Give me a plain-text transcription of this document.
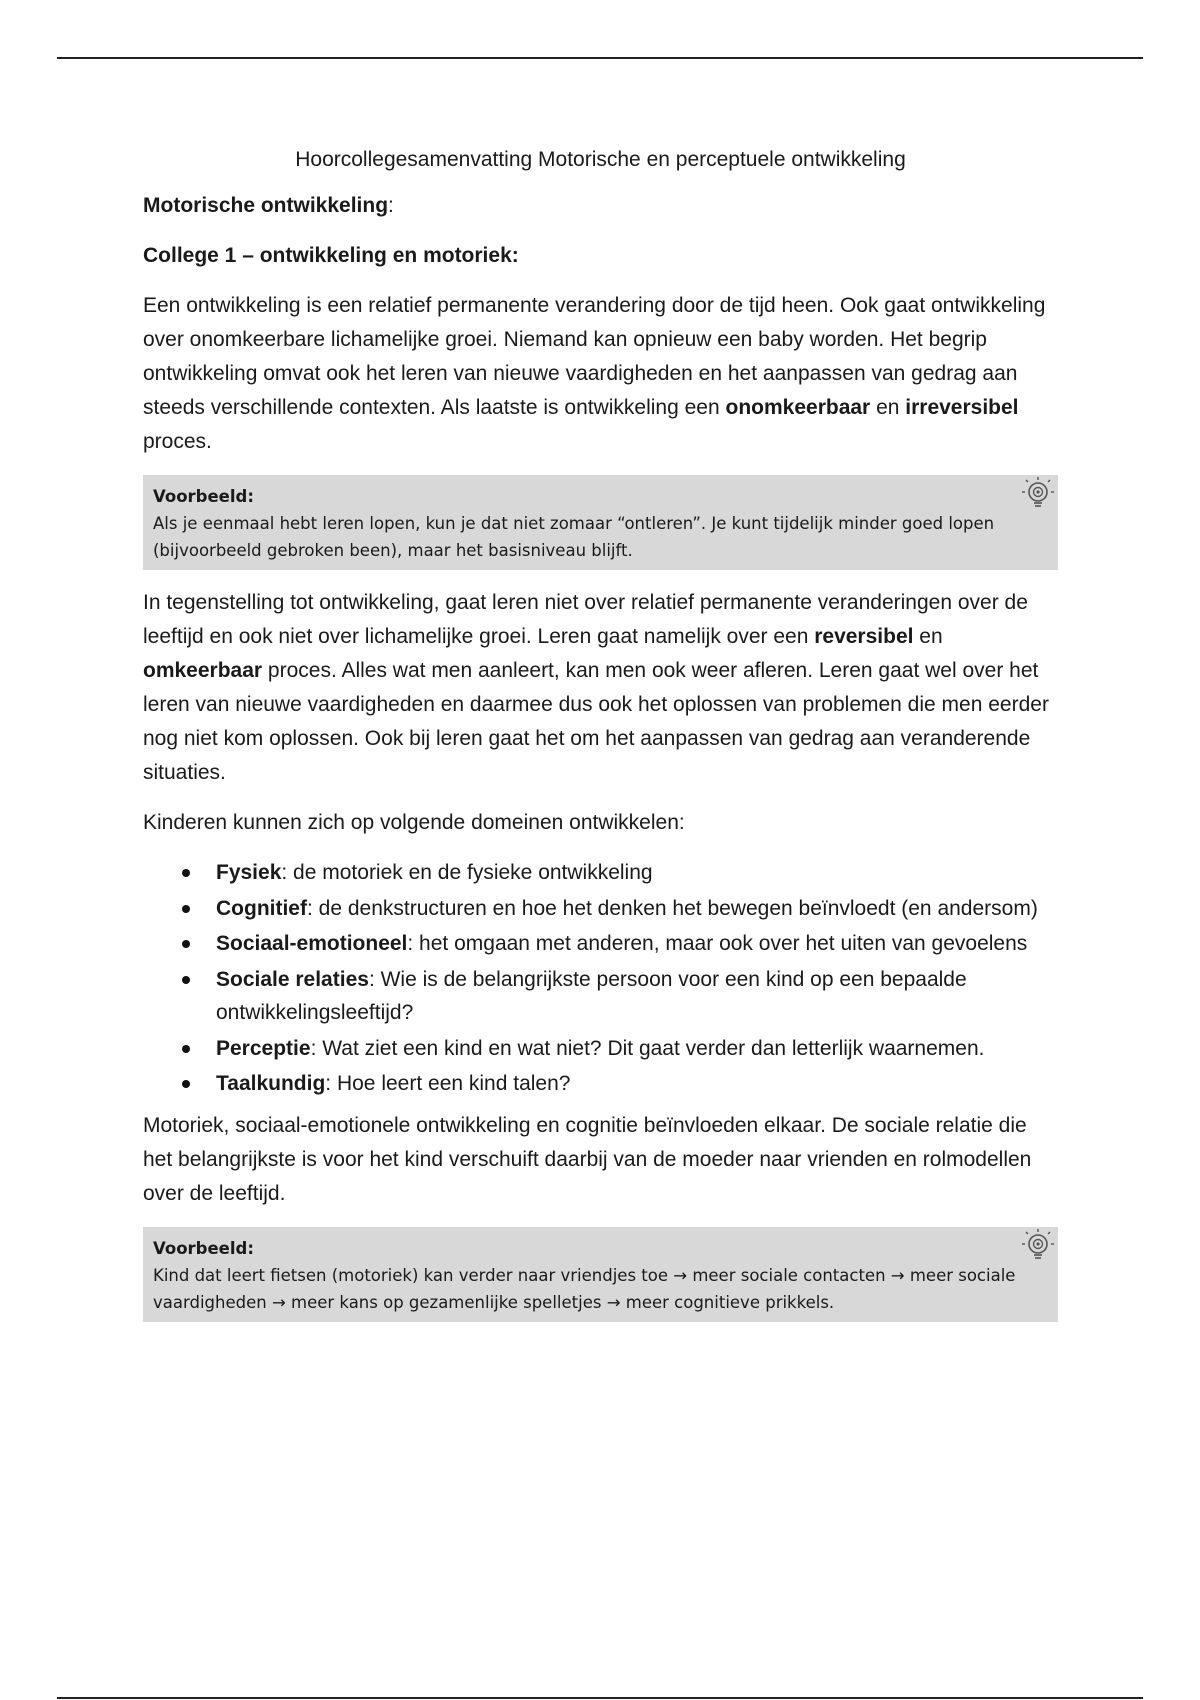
Hoorcollegesamenvatting Motorische en perceptuele ontwikkeling

Motorische ontwikkeling:

College 1 – ontwikkeling en motoriek:

Een ontwikkeling is een relatief permanente verandering door de tijd heen. Ook gaat ontwikkeling over onomkeerbare lichamelijke groei. Niemand kan opnieuw een baby worden. Het begrip ontwikkeling omvat ook het leren van nieuwe vaardigheden en het aanpassen van gedrag aan steeds verschillende contexten. Als laatste is ontwikkeling een onomkeerbaar en irreversibel proces.

Voorbeeld:
Als je eenmaal hebt leren lopen, kun je dat niet zomaar “ontleren”. Je kunt tijdelijk minder goed lopen (bijvoorbeeld gebroken been), maar het basisniveau blijft.

In tegenstelling tot ontwikkeling, gaat leren niet over relatief permanente veranderingen over de leeftijd en ook niet over lichamelijke groei. Leren gaat namelijk over een reversibel en omkeerbaar proces. Alles wat men aanleert, kan men ook weer afleren. Leren gaat wel over het leren van nieuwe vaardigheden en daarmee dus ook het oplossen van problemen die men eerder nog niet kom oplossen. Ook bij leren gaat het om het aanpassen van gedrag aan veranderende situaties.

Kinderen kunnen zich op volgende domeinen ontwikkelen:

Fysiek: de motoriek en de fysieke ontwikkeling
Cognitief: de denkstructuren en hoe het denken het bewegen beïnvloedt (en andersom)
Sociaal-emotioneel: het omgaan met anderen, maar ook over het uiten van gevoelens
Sociale relaties: Wie is de belangrijkste persoon voor een kind op een bepaalde ontwikkelingsleeftijd?
Perceptie: Wat ziet een kind en wat niet? Dit gaat verder dan letterlijk waarnemen.
Taalkundig: Hoe leert een kind talen?

Motoriek, sociaal-emotionele ontwikkeling en cognitie beïnvloeden elkaar. De sociale relatie die het belangrijkste is voor het kind verschuift daarbij van de moeder naar vrienden en rolmodellen over de leeftijd.

Voorbeeld:
Kind dat leert fietsen (motoriek) kan verder naar vriendjes toe → meer sociale contacten → meer sociale vaardigheden → meer kans op gezamenlijke spelletjes → meer cognitieve prikkels.
